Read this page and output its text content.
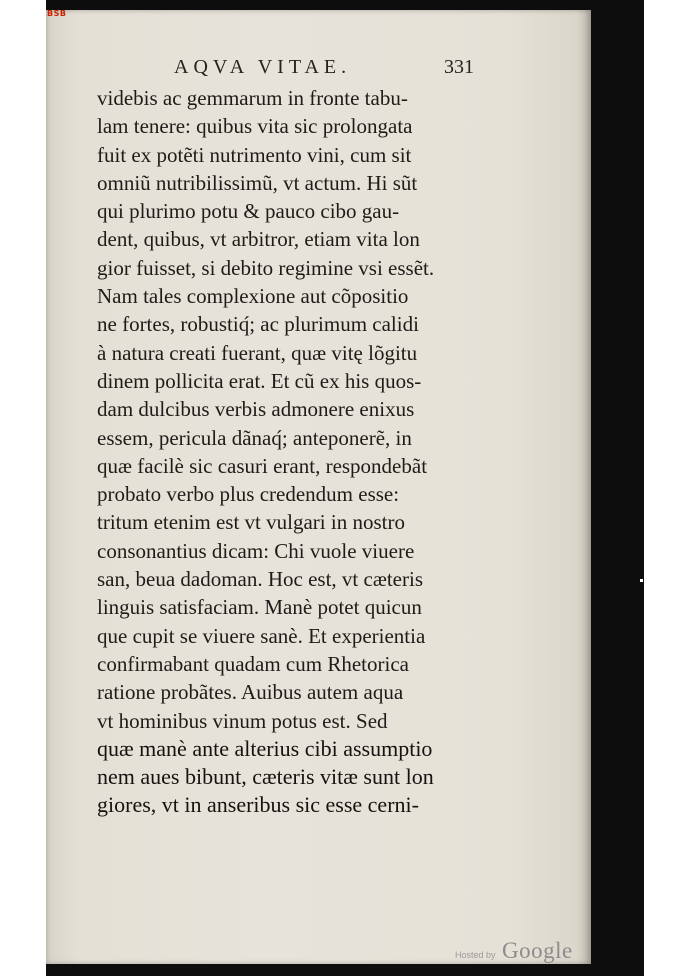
BSB
AQVA VITAE.	331
videbis ac gemmarum in fronte tabu-
lam tenere: quibus vita sic prolongata
fuit ex potẽti nutrimento vini, cum sit
omniũ nutribilissimũ, vt actum. Hi sũt
qui plurimo potu & pauco cibo gau-
dent, quibus, vt arbitror, etiam vita lon
gior fuisset, si debito regimine vsi essẽt.
Nam tales complexione aut cõpositio
ne fortes, robustiq́; ac plurimum calidi
à natura creati fuerant, quæ vitę lõgitu
dinem pollicita erat. Et cũ ex his quos-
dam dulcibus verbis admonere enixus
essem, pericula dãnaq́; anteponerẽ, in
quæ facilè sic casuri erant, respondebãt
probato verbo plus credendum esse:
tritum etenim est vt vulgari in nostro
consonantius dicam: Chi vuole viuere
san, beua dadoman. Hoc est, vt cæteris
linguis satisfaciam. Manè potet quicun
que cupit se viuere sanè. Et experientia
confirmabant quadam cum Rhetorica
ratione probãtes. Auibus autem aqua
vt hominibus vinum potus est. Sed
quæ manè ante alterius cibi assumptio
nem aues bibunt, cæteris vitæ sunt lon
giores, vt in anseribus sic esse cerni-
Hosted by Google
